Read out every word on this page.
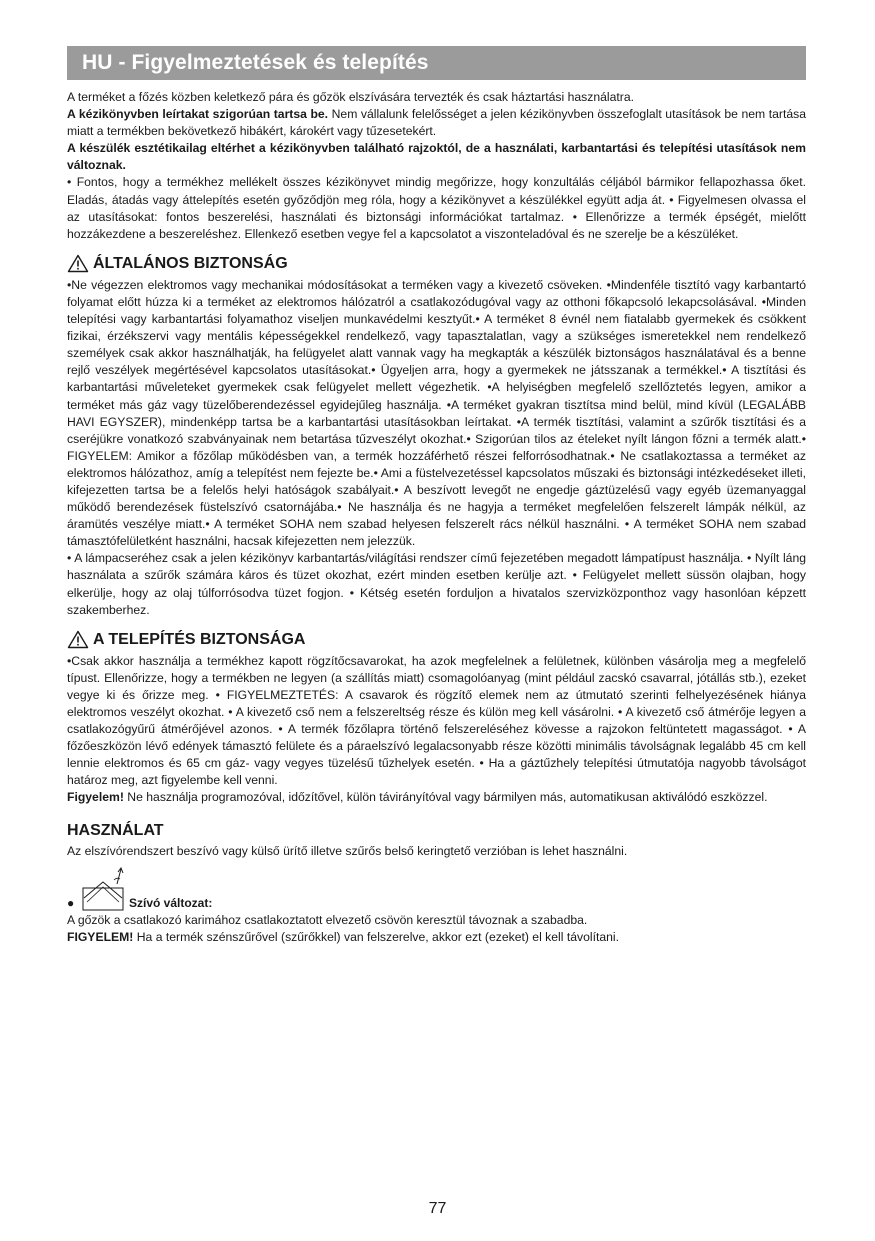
HU - Figyelmeztetések és telepítés

A terméket a főzés közben keletkező pára és gőzök elszívására tervezték és csak háztartási használatra.

A kézikönyvben leírtakat szigorúan tartsa be. Nem vállalunk felelősséget a jelen kézikönyvben összefoglalt utasítások be nem tartása miatt a termékben bekövetkező hibákért, károkért vagy tűzesetekért.

A készülék esztétikailag eltérhet a kézikönyvben található rajzoktól, de a használati, karbantartási és telepítési utasítások nem változnak.

• Fontos, hogy a termékhez mellékelt összes kézikönyvet mindig megőrizze, hogy konzultálás céljából bármikor fellapozhassa őket. Eladás, átadás vagy áttelepítés esetén győződjön meg róla, hogy a kézikönyvet a készülékkel együtt adja át. • Figyelmesen olvassa el az utasításokat: fontos beszerelési, használati és biztonsági információkat tartalmaz. • Ellenőrizze a termék épségét, mielőtt hozzákezdene a beszereléshez. Ellenkező esetben vegye fel a kapcsolatot a viszonteladóval és ne szerelje be a készüléket.

ÁLTALÁNOS BIZTONSÁG

•Ne végezzen elektromos vagy mechanikai módosításokat a terméken vagy a kivezető csöveken. •Mindenféle tisztító vagy karbantartó folyamat előtt húzza ki a terméket az elektromos hálózatról a csatlakozódugóval vagy az otthoni főkapcsoló lekapcsolásával. •Minden telepítési vagy karbantartási folyamathoz viseljen munkavédelmi kesztyűt.• A terméket 8 évnél nem fiatalabb gyermekek és csökkent fizikai, érzékszervi vagy mentális képességekkel rendelkező, vagy tapasztalatlan, vagy a szükséges ismeretekkel nem rendelkező személyek csak akkor használhatják, ha felügyelet alatt vannak vagy ha megkapták a készülék biztonságos használatával és a benne rejlő veszélyek megértésével kapcsolatos utasításokat.• Ügyeljen arra, hogy a gyermekek ne játsszanak a termékkel.• A tisztítási és karbantartási műveleteket gyermekek csak felügyelet mellett végezhetik. •A helyiségben megfelelő szellőztetés legyen, amikor a terméket más gáz vagy tüzelőberendezéssel egyidejűleg használja. •A terméket gyakran tisztítsa mind belül, mind kívül (LEGALÁBB HAVI EGYSZER), mindenképp tartsa be a karbantartási utasításokban leírtakat. •A termék tisztítási, valamint a szűrők tisztítási és a cseréjükre vonatkozó szabványainak nem betartása tűzveszélyt okozhat.• Szigorúan tilos az ételeket nyílt lángon főzni a termék alatt.• FIGYELEM: Amikor a főzőlap működésben van, a termék hozzáférhető részei felforrósodhatnak.• Ne csatlakoztassa a terméket az elektromos hálózathoz, amíg a telepítést nem fejezte be.• Ami a füstelvezetéssel kapcsolatos műszaki és biztonsági intézkedéseket illeti, kifejezetten tartsa be a felelős helyi hatóságok szabályait.• A beszívott levegőt ne engedje gáztüzelésű vagy egyéb üzemanyaggal működő berendezések füstelszívó csatornájába.• Ne használja és ne hagyja a terméket megfelelően felszerelt lámpák nélkül, az áramütés veszélye miatt.• A terméket SOHA nem szabad helyesen felszerelt rács nélkül használni. • A terméket SOHA nem szabad támasztófelületként használni, hacsak kifejezetten nem jelezzük.

• A lámpacseréhez csak a jelen kézikönyv karbantartás/világítási rendszer című fejezetében megadott lámpatípust használja. • Nyílt láng használata a szűrők számára káros és tüzet okozhat, ezért minden esetben kerülje azt. • Felügyelet mellett süssön olajban, hogy elkerülje, hogy az olaj túlforrósodva tüzet fogjon. • Kétség esetén forduljon a hivatalos szervizközponthoz vagy hasonlóan képzett szakemberhez.

A TELEPÍTÉS BIZTONSÁGA

•Csak akkor használja a termékhez kapott rögzítőcsavarokat, ha azok megfelelnek a felületnek, különben vásárolja meg a megfelelő típust. Ellenőrizze, hogy a termékben ne legyen (a szállítás miatt) csomagolóanyag (mint például zacskó csavarral, jótállás stb.), ezeket vegye ki és őrizze meg. • FIGYELMEZTETÉS: A csavarok és rögzítő elemek nem az útmutató szerinti felhelyezésének hiánya elektromos veszélyt okozhat. • A kivezető cső nem a felszereltség része és külön meg kell vásárolni. • A kivezető cső átmérője legyen a csatlakozógyűrű átmérőjével azonos. • A termék főzőlapra történő felszereléséhez kövesse a rajzokon feltüntetett magasságot. • A főzőeszközön lévő edények támasztó felülete és a páraelszívó legalacsonyabb része közötti minimális távolságnak legalább 45 cm kell lennie elektromos és 65 cm gáz- vagy vegyes tüzelésű tűzhelyek esetén. • Ha a gáztűzhely telepítési útmutatója nagyobb távolságot határoz meg, azt figyelembe kell venni.

Figyelem! Ne használja programozóval, időzítővel, külön távirányítóval vagy bármilyen más, automatikusan aktiválódó eszközzel.

HASZNÁLAT

Az elszívórendszert beszívó vagy külső ürítő illetve szűrős belső keringtető verzióban is lehet használni.

●	Szívó változat:

A gőzök a csatlakozó karimához csatlakoztatott elvezető csövön keresztül távoznak a szabadba.

FIGYELEM! Ha a termék szénszűrővel (szűrőkkel) van felszerelve, akkor ezt (ezeket) el kell távolítani.

77
